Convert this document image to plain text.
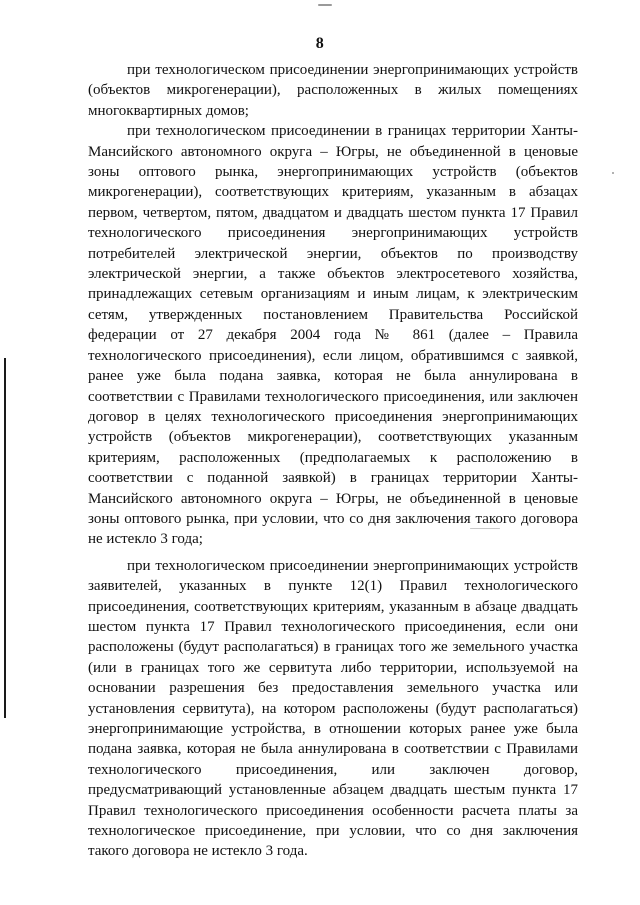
8

при технологическом присоединении энергопринимающих устройств (объектов микрогенерации), расположенных в жилых помещениях многоквартирных домов;

при технологическом присоединении в границах территории Ханты-Мансийского автономного округа – Югры, не объединенной в ценовые зоны оптового рынка, энергопринимающих устройств (объектов микрогенерации), соответствующих критериям, указанным в абзацах первом, четвертом, пятом, двадцатом и двадцать шестом пункта 17 Правил технологического присоединения энергопринимающих устройств потребителей электрической энергии, объектов по производству электрической энергии, а также объектов электросетевого хозяйства, принадлежащих сетевым организациям и иным лицам, к электрическим сетям, утвержденных постановлением Правительства Российской федерации от 27 декабря 2004 года № 861 (далее – Правила технологического присоединения), если лицом, обратившимся с заявкой, ранее уже была подана заявка, которая не была аннулирована в соответствии с Правилами технологического присоединения, или заключен договор в целях технологического присоединения энергопринимающих устройств (объектов микрогенерации), соответствующих указанным критериям, расположенных (предполагаемых к расположению в соответствии с поданной заявкой) в границах территории Ханты-Мансийского автономного округа – Югры, не объединенной в ценовые зоны оптового рынка, при условии, что со дня заключения такого договора не истекло 3 года;

при технологическом присоединении энергопринимающих устройств заявителей, указанных в пункте 12(1) Правил технологического присоединения, соответствующих критериям, указанным в абзаце двадцать шестом пункта 17 Правил технологического присоединения, если они расположены (будут располагаться) в границах того же земельного участка (или в границах того же сервитута либо территории, используемой на основании разрешения без предоставления земельного участка или установления сервитута), на котором расположены (будут располагаться) энергопринимающие устройства, в отношении которых ранее уже была подана заявка, которая не была аннулирована в соответствии с Правилами технологического присоединения, или заключен договор, предусматривающий установленные абзацем двадцать шестым пункта 17 Правил технологического присоединения особенности расчета платы за технологическое присоединение, при условии, что со дня заключения такого договора не истекло 3 года.
